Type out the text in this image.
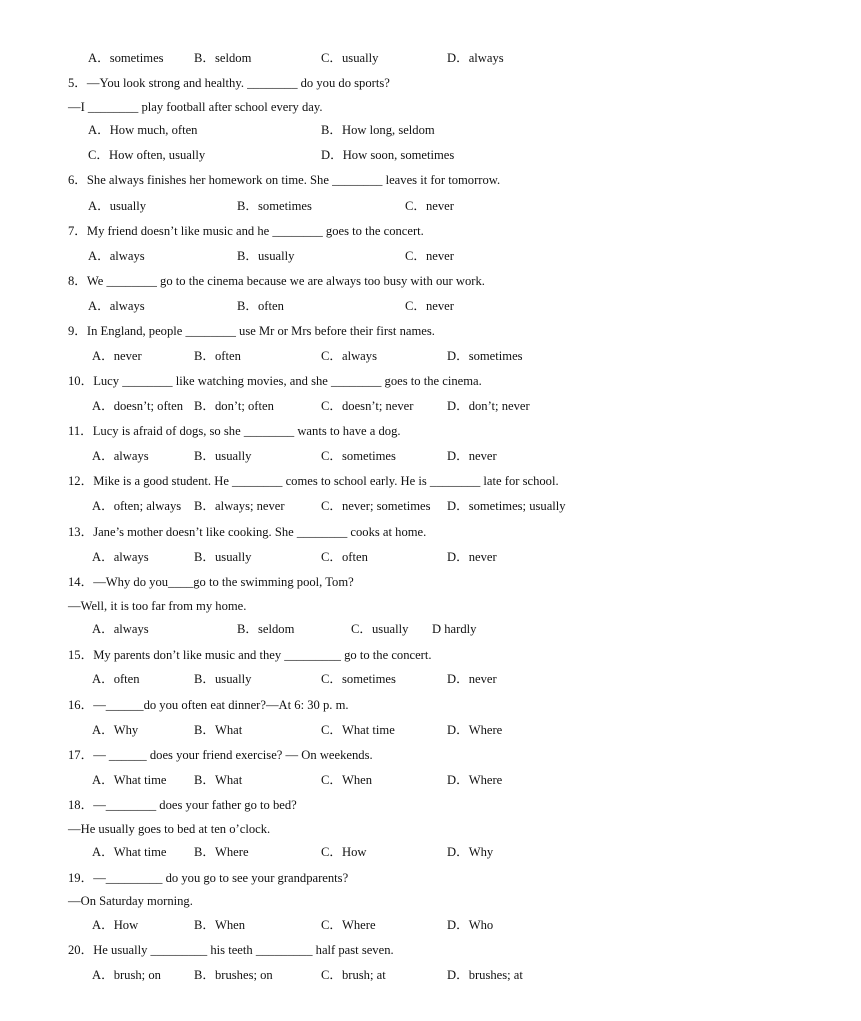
A．sometimes B．seldom	C．usually	D．always
5．—You look strong and healthy. ________ do you do sports?
—I ________ play football after school every day.
A．How much, often	B．How long, seldom
C．How often, usually	D．How soon, sometimes
6．She always finishes her homework on time. She ________ leaves it for tomorrow.
A．usually	B．sometimes	C．never
7．My friend doesn’t like music and he ________ goes to the concert.
A．always	B．usually	C．never
8．We ________ go to the cinema because we are always too busy with our work.
A．always	B．often	C．never
9．In England, people ________ use Mr or Mrs before their first names.
A．never	B．often	C．always	D．sometimes
10．Lucy ________ like watching movies, and she ________ goes to the cinema.
A．doesn’t; often B．don’t; often	C．doesn’t; never	D．don’t; never
11．Lucy is afraid of dogs, so she ________ wants to have a dog.
A．always	B．usually	C．sometimes	D．never
12．Mike is a good student. He ________ comes to school early. He is ________ late for school.
A．often; always B．always; never	C．never; sometimes D．sometimes; usually
13．Jane’s mother doesn’t like cooking. She ________ cooks at home.
A．always	B．usually	C．often	D．never
14．—Why do you____go to the swimming pool, Tom?
—Well, it is too far from my home.
A．always	B．seldom	C．usually D hardly
15．My parents don’t like music and they _________ go to the concert.
A．often	B．usually	C．sometimes	D．never
16．—______do you often eat dinner?—At 6: 30 p. m.
A．Why	B．What	C．What time	D．Where
17．— ______ does your friend exercise? — On weekends.
A．What time B．What	C．When	D．Where
18．—________ does your father go to bed?
—He usually goes to bed at ten o’clock.
A．What time B．Where	C．How	D．Why
19．—_________ do you go to see your grandparents?
—On Saturday morning.
A．How	B．When	C．Where	D．Who
20．He usually _________ his teeth _________ half past seven.
A．brush; on	B．brushes; on	C．brush; at	D．brushes; at
